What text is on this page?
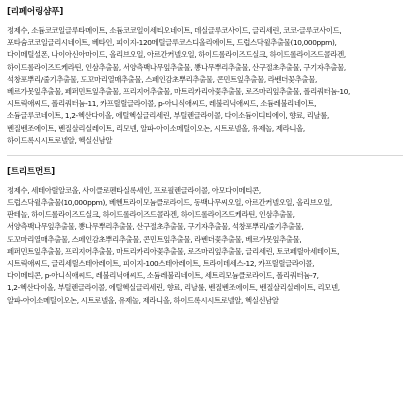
[리페어링샴푸]
정제수, 소듐코코일글루타메이트, 소듐코코일이세티오네이트, 데실글루코사이드, 글리세린, 코코-글루코사이드,
포타슘코코일글리시네이트, 베타인, 피이지-120메틸글루코스디올리에이트, 드럽스닥윌추출물(10,000ppm),
다이메틸설폰, 나이아신아마이드, 올리브오일, 아르간커넬오일, 하이드롤라이즈드실크, 하이드롤라이즈드콜라겐,
하이드롤라이즈드케라틴, 인삼추출물, 서양측백나무잎추출물, 뽕나무뿌리추출물, 산구절초추출물, 구기자추출물,
석창포뿌리/줄기추출물, 도꼬마리열매추출물, 스페인감초뿌리추출물, 콘민트잎추출물, 라벤더꽃추출물,
베르가못잎추출물, 페퍼민트잎추출물, 프리지어추출물, 마트리카리아꽃추출물, 로즈마리잎추출물, 폴리쿼터늄-10,
시트릭애씨드, 폴리쿼터늄-11, 카프릴릴글라이콜, p-아니식애씨드, 레불리닉애씨드, 소듐레불리네이트,
소듐글루코네이트, 1,2-헥산다이올, 에틸헥실글리세린, 부틸렌글라이콜, 다이소듐이디티에이, 향료, 리날룰,
벤질벤조에이트, 벤질살리실레이트, 리모넨, 알파-아이소메틸이오논, 시트로넬올, 유제놀, 제라니올,
하이드록시시트로넬알, 헥실신남알
[트리트먼트]
정제수, 세테아릴알코올, 사이클로펜타실록세인, 프로필렌글라이콜, 아모다이메티콘,
드럽스닥윌추출물(10,000ppm), 베헨트라이모늄클로라이드, 동백나무씨오일, 아르간커넬오일, 올리브오일,
판테놀, 하이드롤라이즈드실크, 하이드롤라이즈드콜라겐, 하이드롤라이즈드케라틴, 인삼추출물,
서양측백나무잎추출물, 뽕나무뿌리추출물, 산구절초추출물, 구기자추출물, 석창포뿌리/줄기추출물,
도꼬마리열매추출물, 스페인감초뿌리추출물, 콘민트잎추출물, 라벤더꽃추출물, 베르가못잎추출물,
페퍼민트잎추출물, 프리지어추출물, 마트리카리아꽃추출물, 로즈마리잎추출물, 글리세린, 토코페릴아세테이트,
시트릭애씨드, 글리세릴스테아레이트, 피이지-100스테아레이트, 트라이데세스-12, 카프릴릴글라이콜,
다이메티콘, p-아니식애씨드, 레불리닉애씨드, 소듐레불리네이트, 세트리모늄클로라이드, 폴리쿼터늄-7,
1,2-헥산다이올, 부틸렌글라이콜, 에틸헥실글리세린, 향료, 리날룰, 벤질벤조에이트, 벤질살리실레이트, 리모넨,
알파-아이소메틸이오논, 시트로넬올, 유제놀, 제라니올, 하이드록시시트로넬알, 헥실신남알
